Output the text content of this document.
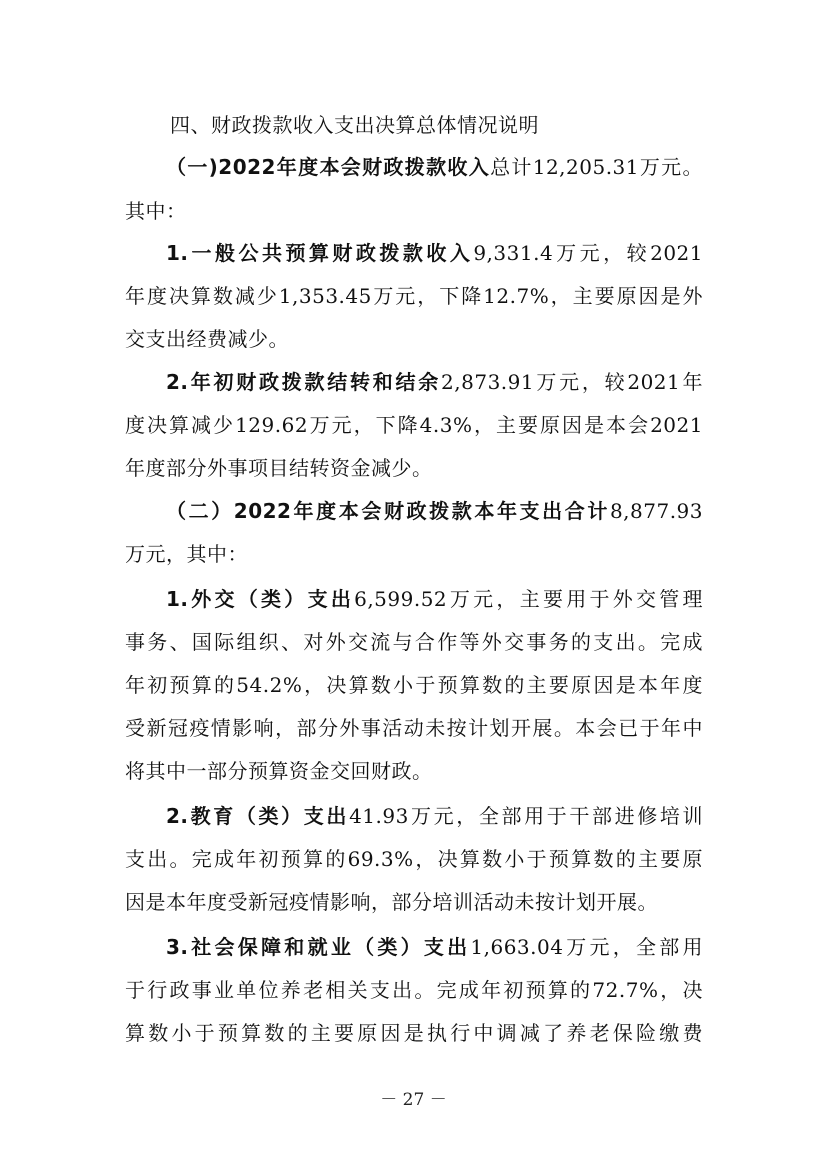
四、财政拨款收入支出决算总体情况说明
（一)2022年度本会财政拨款收入总计12,205.31万元。
其中：
1.一般公共预算财政拨款收入9,331.4万元，较2021
年度决算数减少1,353.45万元，下降12.7%，主要原因是外
交支出经费减少。
2.年初财政拨款结转和结余2,873.91万元，较2021年
度决算减少129.62万元，下降4.3%，主要原因是本会2021
年度部分外事项目结转资金减少。
（二）2022年度本会财政拨款本年支出合计8,877.93
万元，其中：
1.外交（类）支出6,599.52万元，主要用于外交管理
事务、国际组织、对外交流与合作等外交事务的支出。完成
年初预算的54.2%，决算数小于预算数的主要原因是本年度
受新冠疫情影响，部分外事活动未按计划开展。本会已于年中
将其中一部分预算资金交回财政。
2.教育（类）支出41.93万元，全部用于干部进修培训
支出。完成年初预算的69.3%，决算数小于预算数的主要原
因是本年度受新冠疫情影响，部分培训活动未按计划开展。
3.社会保障和就业（类）支出1,663.04万元，全部用
于行政事业单位养老相关支出。完成年初预算的72.7%，决
算数小于预算数的主要原因是执行中调减了养老保险缴费
－ 27 －
